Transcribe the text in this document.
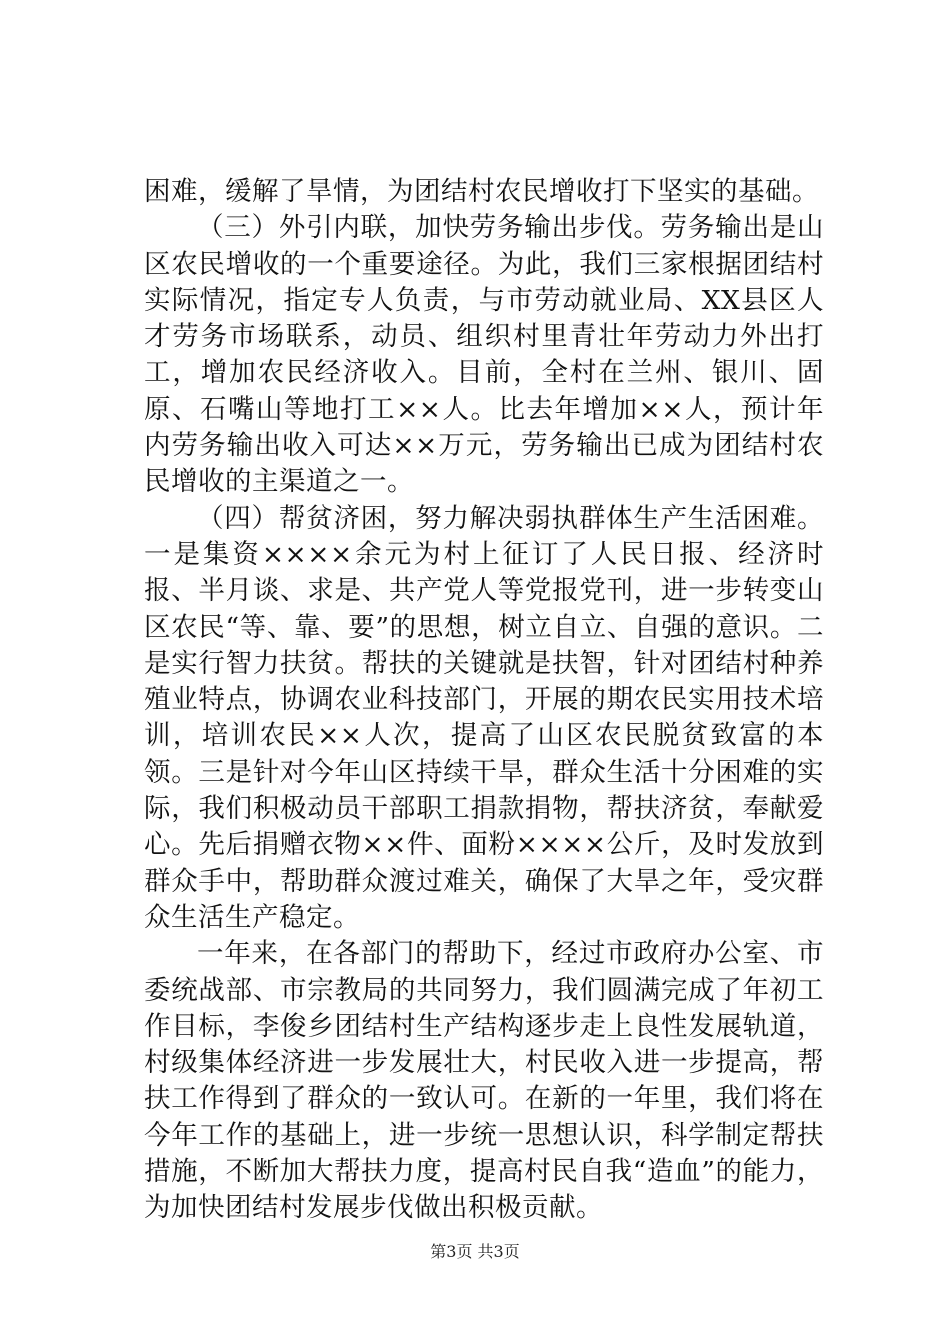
困难，缓解了旱情，为团结村农民增收打下坚实的基础。

（三）外引内联，加快劳务输出步伐。劳务输出是山区农民增收的一个重要途径。为此，我们三家根据团结村实际情况，指定专人负责，与市劳动就业局、XX县区人才劳务市场联系，动员、组织村里青壮年劳动力外出打工，增加农民经济收入。目前，全村在兰州、银川、固原、石嘴山等地打工××人。比去年增加××人，预计年内劳务输出收入可达××万元，劳务输出已成为团结村农民增收的主渠道之一。

（四）帮贫济困，努力解决弱执群体生产生活困难。一是集资××××余元为村上征订了人民日报、经济时报、半月谈、求是、共产党人等党报党刊，进一步转变山区农民“等、靠、要”的思想，树立自立、自强的意识。二是实行智力扶贫。帮扶的关键就是扶智，针对团结村种养殖业特点，协调农业科技部门，开展的期农民实用技术培训，培训农民××人次，提高了山区农民脱贫致富的本领。三是针对今年山区持续干旱，群众生活十分困难的实际，我们积极动员干部职工捐款捐物，帮扶济贫，奉献爱心。先后捐赠衣物××件、面粉××××公斤，及时发放到群众手中，帮助群众渡过难关，确保了大旱之年，受灾群众生活生产稳定。

一年来，在各部门的帮助下，经过市政府办公室、市委统战部、市宗教局的共同努力，我们圆满完成了年初工作目标，李俊乡团结村生产结构逐步走上良性发展轨道，村级集体经济进一步发展壮大，村民收入进一步提高，帮扶工作得到了群众的一致认可。在新的一年里，我们将在今年工作的基础上，进一步统一思想认识，科学制定帮扶措施，不断加大帮扶力度，提高村民自我“造血”的能力，为加快团结村发展步伐做出积极贡献。

第3页 共3页
